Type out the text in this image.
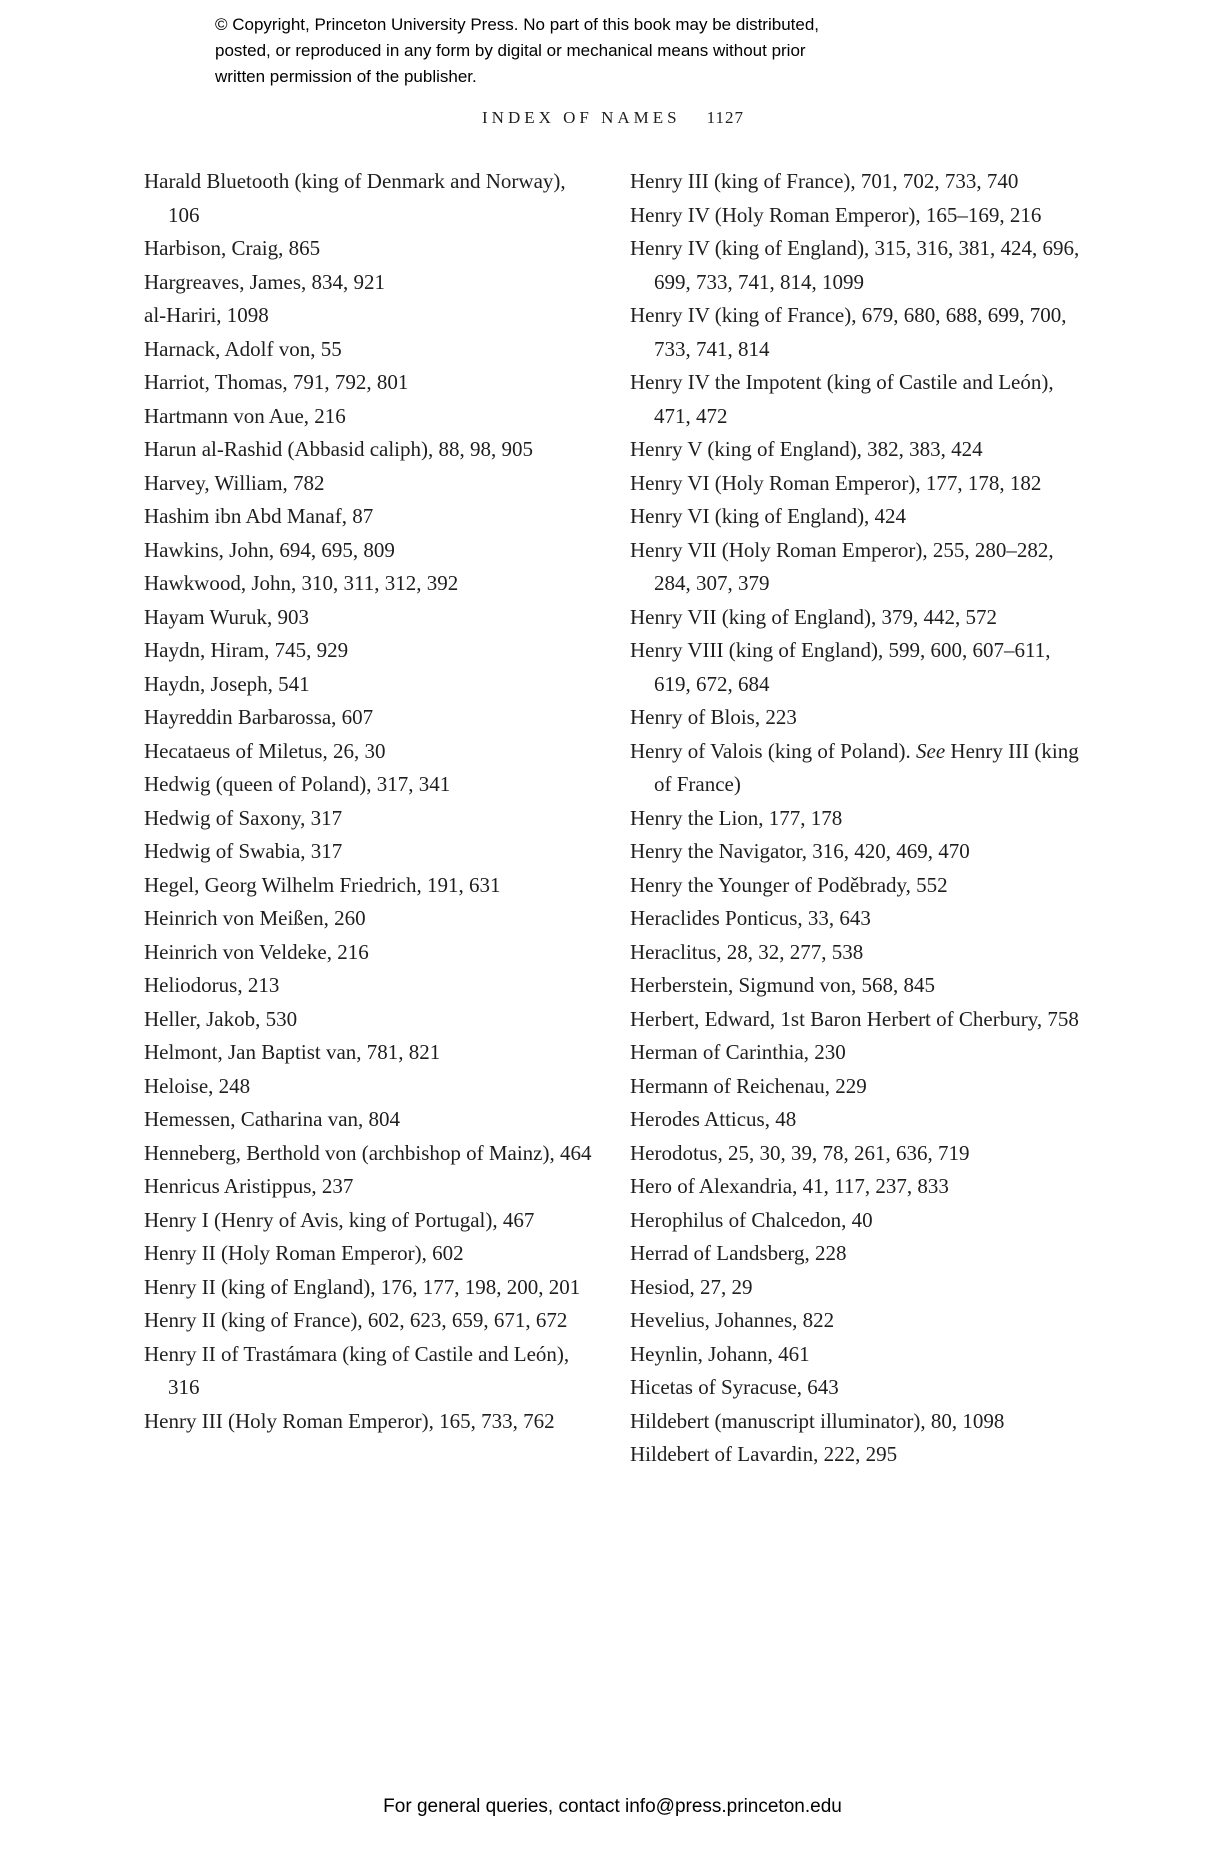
© Copyright, Princeton University Press. No part of this book may be distributed, posted, or reproduced in any form by digital or mechanical means without prior written permission of the publisher.
INDEX OF NAMES 1127
Harald Bluetooth (king of Denmark and Norway), 106
Harbison, Craig, 865
Hargreaves, James, 834, 921
al-Hariri, 1098
Harnack, Adolf von, 55
Harriot, Thomas, 791, 792, 801
Hartmann von Aue, 216
Harun al-Rashid (Abbasid caliph), 88, 98, 905
Harvey, William, 782
Hashim ibn Abd Manaf, 87
Hawkins, John, 694, 695, 809
Hawkwood, John, 310, 311, 312, 392
Hayam Wuruk, 903
Haydn, Hiram, 745, 929
Haydn, Joseph, 541
Hayreddin Barbarossa, 607
Hecataeus of Miletus, 26, 30
Hedwig (queen of Poland), 317, 341
Hedwig of Saxony, 317
Hedwig of Swabia, 317
Hegel, Georg Wilhelm Friedrich, 191, 631
Heinrich von Meißen, 260
Heinrich von Veldeke, 216
Heliodorus, 213
Heller, Jakob, 530
Helmont, Jan Baptist van, 781, 821
Heloise, 248
Hemessen, Catharina van, 804
Henneberg, Berthold von (archbishop of Mainz), 464
Henricus Aristippus, 237
Henry I (Henry of Avis, king of Portugal), 467
Henry II (Holy Roman Emperor), 602
Henry II (king of England), 176, 177, 198, 200, 201
Henry II (king of France), 602, 623, 659, 671, 672
Henry II of Trastámara (king of Castile and León), 316
Henry III (Holy Roman Emperor), 165, 733, 762
Henry III (king of France), 701, 702, 733, 740
Henry IV (Holy Roman Emperor), 165–169, 216
Henry IV (king of England), 315, 316, 381, 424, 696, 699, 733, 741, 814, 1099
Henry IV (king of France), 679, 680, 688, 699, 700, 733, 741, 814
Henry IV the Impotent (king of Castile and León), 471, 472
Henry V (king of England), 382, 383, 424
Henry VI (Holy Roman Emperor), 177, 178, 182
Henry VI (king of England), 424
Henry VII (Holy Roman Emperor), 255, 280–282, 284, 307, 379
Henry VII (king of England), 379, 442, 572
Henry VIII (king of England), 599, 600, 607–611, 619, 672, 684
Henry of Blois, 223
Henry of Valois (king of Poland). See Henry III (king of France)
Henry the Lion, 177, 178
Henry the Navigator, 316, 420, 469, 470
Henry the Younger of Poděbrady, 552
Heraclides Ponticus, 33, 643
Heraclitus, 28, 32, 277, 538
Herberstein, Sigmund von, 568, 845
Herbert, Edward, 1st Baron Herbert of Cherbury, 758
Herman of Carinthia, 230
Hermann of Reichenau, 229
Herodes Atticus, 48
Herodotus, 25, 30, 39, 78, 261, 636, 719
Hero of Alexandria, 41, 117, 237, 833
Herophilus of Chalcedon, 40
Herrad of Landsberg, 228
Hesiod, 27, 29
Hevelius, Johannes, 822
Heynlin, Johann, 461
Hicetas of Syracuse, 643
Hildebert (manuscript illuminator), 80, 1098
Hildebert of Lavardin, 222, 295
For general queries, contact info@press.princeton.edu
